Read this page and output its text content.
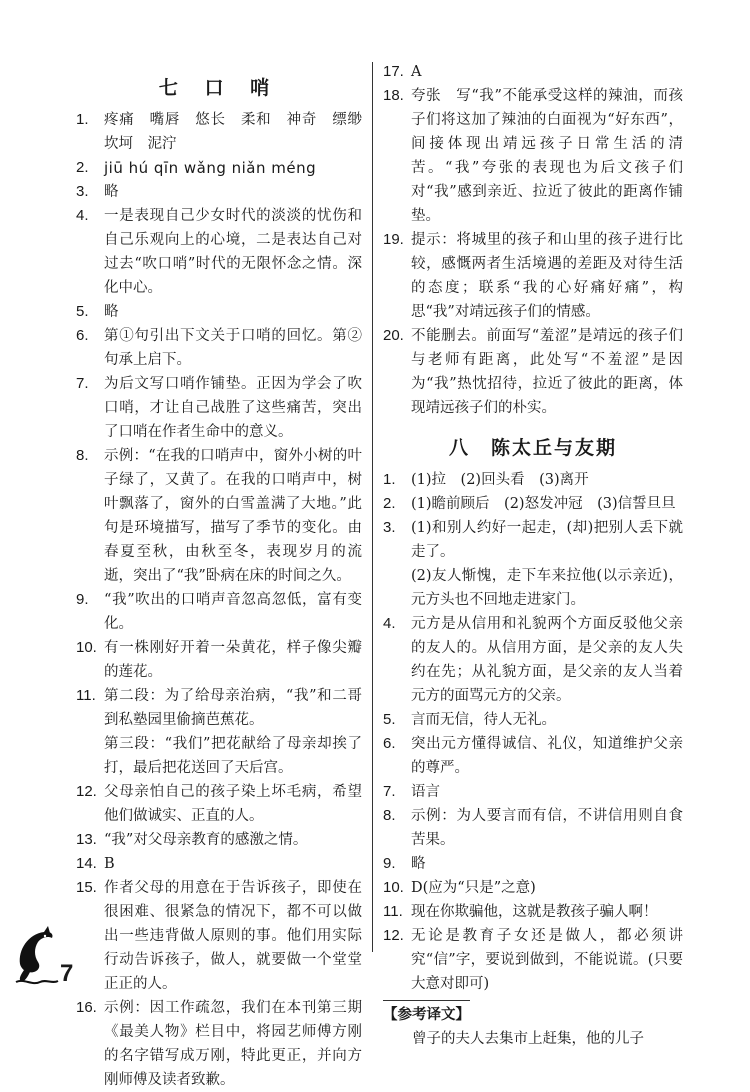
七 口 哨
1.	疼痛　嘴唇　悠长　柔和　神奇　缥缈 坎坷　泥泞

2.	jiū hú qīn wǎng niǎn méng

3.	略

4.	一是表现自己少女时代的淡淡的忧伤和自己乐观向上的心境，二是表达自己对过去“吹口哨”时代的无限怀念之情。深化中心。

5.	略

6.	第①句引出下文关于口哨的回忆。第②句承上启下。

7.	为后文写口哨作铺垫。正因为学会了吹口哨，才让自己战胜了这些痛苦，突出了口哨在作者生命中的意义。

8.	示例：“在我的口哨声中，窗外小树的叶子绿了，又黄了。在我的口哨声中，树叶飘落了，窗外的白雪盖满了大地。”此句是环境描写，描写了季节的变化。由春夏至秋，由秋至冬，表现岁月的流逝，突出了“我”卧病在床的时间之久。

9.	“我”吹出的口哨声音忽高忽低，富有变化。

10. 有一株刚好开着一朵黄花，样子像尖瓣的莲花。

11. 第二段：为了给母亲治病，“我”和二哥到私塾园里偷摘芭蕉花。

第三段：“我们”把花献给了母亲却挨了打，最后把花送回了天后宫。

12. 父母亲怕自己的孩子染上坏毛病，希望他们做诚实、正直的人。

13. “我”对父母亲教育的感激之情。

14. B

15. 作者父母的用意在于告诉孩子，即使在很困难、很紧急的情况下，都不可以做出一些违背做人原则的事。他们用实际行动告诉孩子，做人，就要做一个堂堂正正的人。

16. 示例：因工作疏忽，我们在本刊第三期《最美人物》栏目中，将园艺师傅方刚的名字错写成万刚，特此更正，并向方刚师傅及读者致歉。

17. A

18. 夸张　写“我”不能承受这样的辣油，而孩子们将这加了辣油的白面视为“好东西”，间接体现出靖远孩子日常生活的清苦。“我”夸张的表现也为后文孩子们对“我”感到亲近、拉近了彼此的距离作铺垫。

19. 提示：将城里的孩子和山里的孩子进行比较，感慨两者生活境遇的差距及对待生活的态度；联系“我的心好痛好痛”，构思“我”对靖远孩子们的情感。

20. 不能删去。前面写“羞涩”是靖远的孩子们与老师有距离，此处写“不羞涩”是因为“我”热忱招待，拉近了彼此的距离，体现靖远孩子们的朴实。

八　陈太丘与友期
1.	(1)拉　(2)回头看　(3)离开

2.	(1)瞻前顾后　(2)怒发冲冠　(3)信誓旦旦

3.	(1)和别人约好一起走，(却)把别人丢下就走了。

(2)友人惭愧，走下车来拉他(以示亲近)，元方头也不回地走进家门。

4.	元方是从信用和礼貌两个方面反驳他父亲的友人的。从信用方面，是父亲的友人失约在先；从礼貌方面，是父亲的友人当着元方的面骂元方的父亲。

5.	言而无信，待人无礼。

6.	突出元方懂得诚信、礼仪，知道维护父亲的尊严。

7.	语言

8.	示例：为人要言而有信，不讲信用则自食苦果。

9.	略

10. D(应为“只是”之意)

11. 现在你欺骗他，这就是教孩子骗人啊！

12. 无论是教育子女还是做人，都必须讲究“信”字，要说到做到，不能说谎。(只要大意对即可)

【参考译文】
曾子的夫人去集市上赶集，他的儿子
7
